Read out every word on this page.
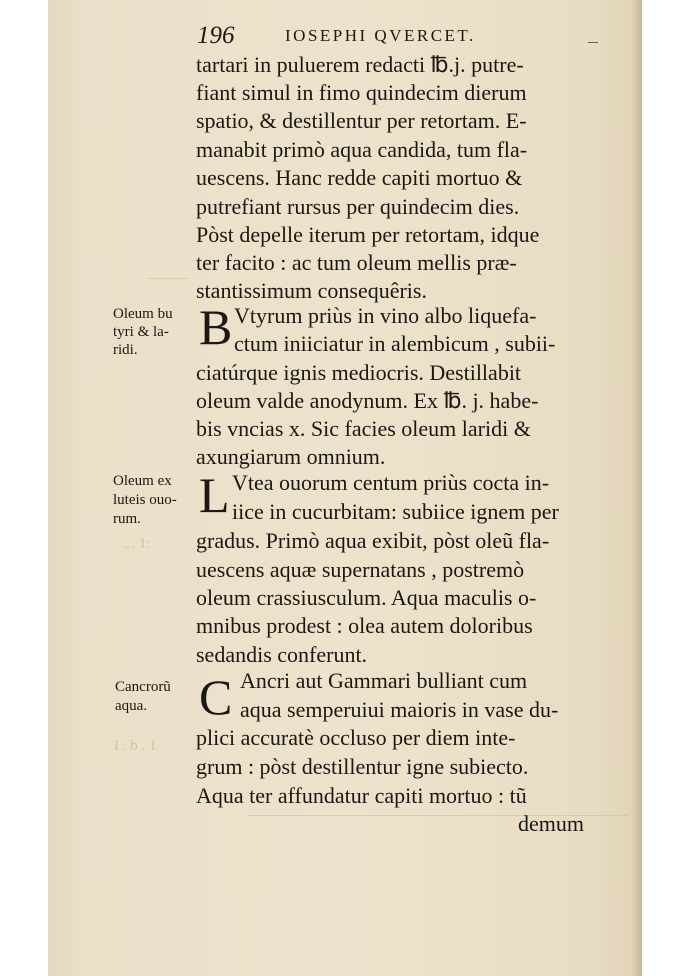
. . 1:
I . b . 1
196	IOSEPHI QVERCET.
tartari in puluerem redacti ℔.j. putre-
fiant simul in fimo quindecim dierum
spatio, & destillentur per retortam. E-
manabit primò aqua candida, tum fla-
uescens. Hanc redde capiti mortuo &
putrefiant rursus per quindecim dies.
Pòst depelle iterum per retortam, idque
ter facito : ac tum oleum mellis præ-
stantissimum consequêris.
Oleum bu
tyri & la-
ridi. B Vtyrum priùs in vino albo liquefa-
ctum iniiciatur in alembicum , subii-
ciatúrque ignis mediocris. Destillabit
oleum valde anodynum. Ex ℔. j. habe-
bis vncias x. Sic facies oleum laridi &
axungiarum omnium.
Oleum ex
luteis ouo-
rum. L Vtea ouorum centum priùs cocta in-
iice in cucurbitam: subiice ignem per
gradus. Primò aqua exibit, pòst oleũ fla-
uescens aquæ supernatans , postremò
oleum crassiusculum. Aqua maculis o-
mnibus prodest : olea autem doloribus
sedandis conferunt.
Cancrorũ
aqua. C Ancri aut Gammari bulliant cum
aqua semperuiui maioris in vase du-
plici accuratè occluso per diem inte-
grum : pòst destillentur igne subiecto.
Aqua ter affundatur capiti mortuo : tũ
demum
